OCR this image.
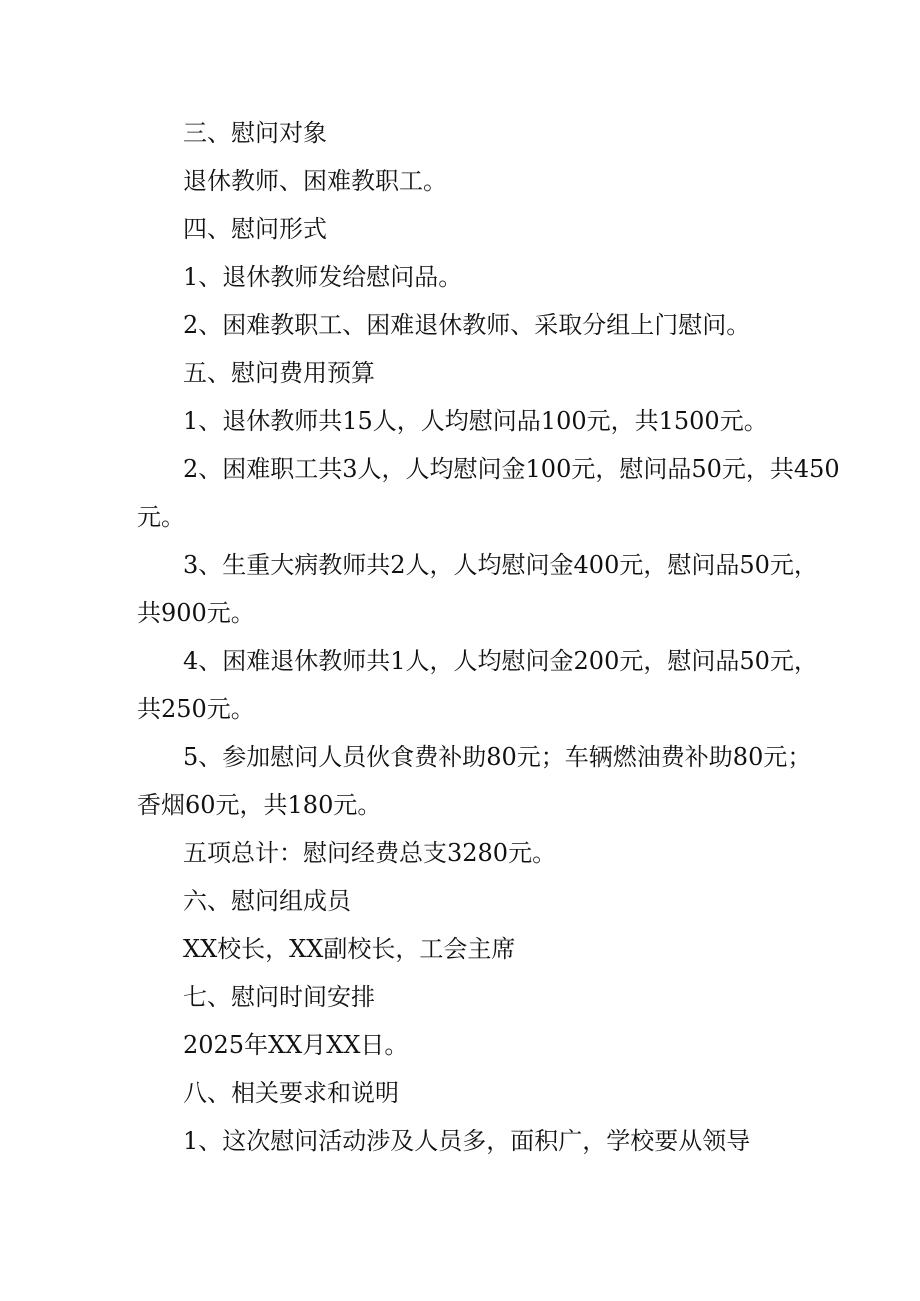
三、慰问对象
退休教师、困难教职工。
四、慰问形式
1、退休教师发给慰问品。
2、困难教职工、困难退休教师、采取分组上门慰问。
五、慰问费用预算
1、退休教师共15人，人均慰问品100元，共1500元。
2、困难职工共3人，人均慰问金100元，慰问品50元，共450
元。
3、生重大病教师共2人，人均慰问金400元，慰问品50元，
共900元。
4、困难退休教师共1人，人均慰问金200元，慰问品50元，
共250元。
5、参加慰问人员伙食费补助80元；车辆燃油费补助80元；
香烟60元，共180元。
五项总计：慰问经费总支3280元。
六、慰问组成员
XX校长，XX副校长，工会主席
七、慰问时间安排
2025年XX月XX日。
八、相关要求和说明
1、这次慰问活动涉及人员多，面积广，学校要从领导
